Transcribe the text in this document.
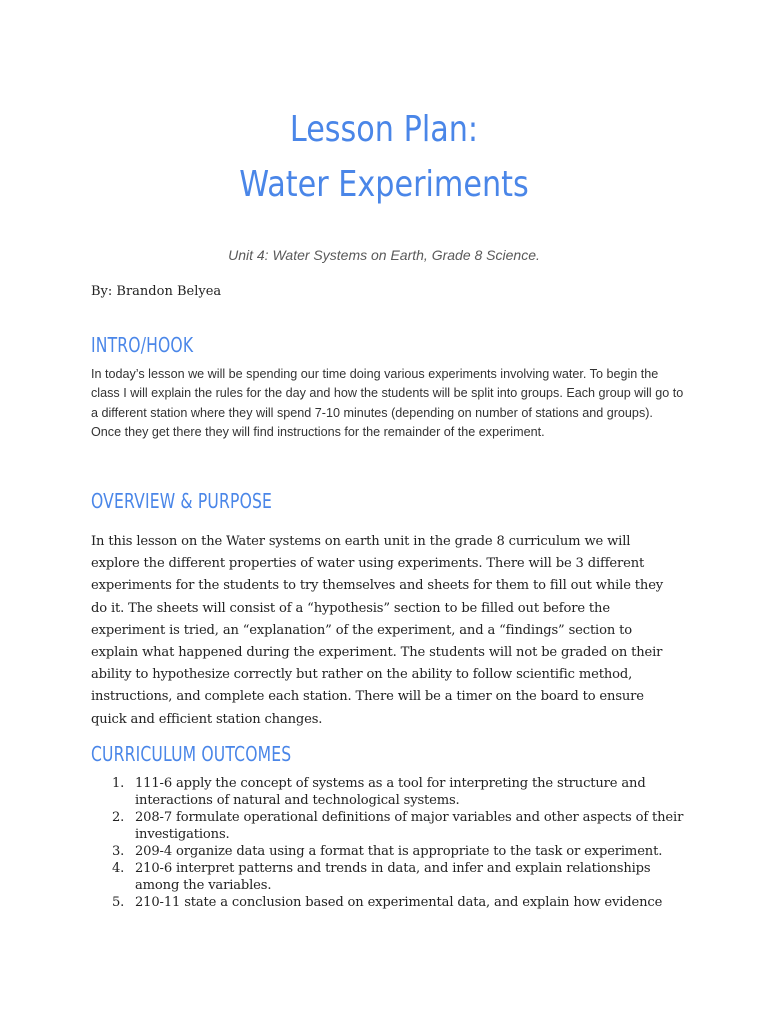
Lesson Plan:
Water Experiments

Unit 4: Water Systems on Earth, Grade 8 Science.

By: Brandon Belyea

INTRO/HOOK

In today’s lesson we will be spending our time doing various experiments involving water. To begin the class I will explain the rules for the day and how the students will be split into groups. Each group will go to a different station where they will spend 7-10 minutes (depending on number of stations and groups). Once they get there they will find instructions for the remainder of the experiment.

OVERVIEW & PURPOSE

In this lesson on the Water systems on earth unit in the grade 8 curriculum we will explore the different properties of water using experiments. There will be 3 different experiments for the students to try themselves and sheets for them to fill out while they do it. The sheets will consist of a “hypothesis” section to be filled out before the experiment is tried, an “explanation” of the experiment, and a “findings” section to explain what happened during the experiment. The students will not be graded on their ability to hypothesize correctly but rather on the ability to follow scientific method, instructions, and complete each station. There will be a timer on the board to ensure quick and efficient station changes.

CURRICULUM OUTCOMES
1. 111-6 apply the concept of systems as a tool for interpreting the structure and interactions of natural and technological systems.
2. 208-7 formulate operational definitions of major variables and other aspects of their investigations.
3. 209-4 organize data using a format that is appropriate to the task or experiment.
4. 210-6 interpret patterns and trends in data, and infer and explain relationships among the variables.
5. 210-11 state a conclusion based on experimental data, and explain how evidence
